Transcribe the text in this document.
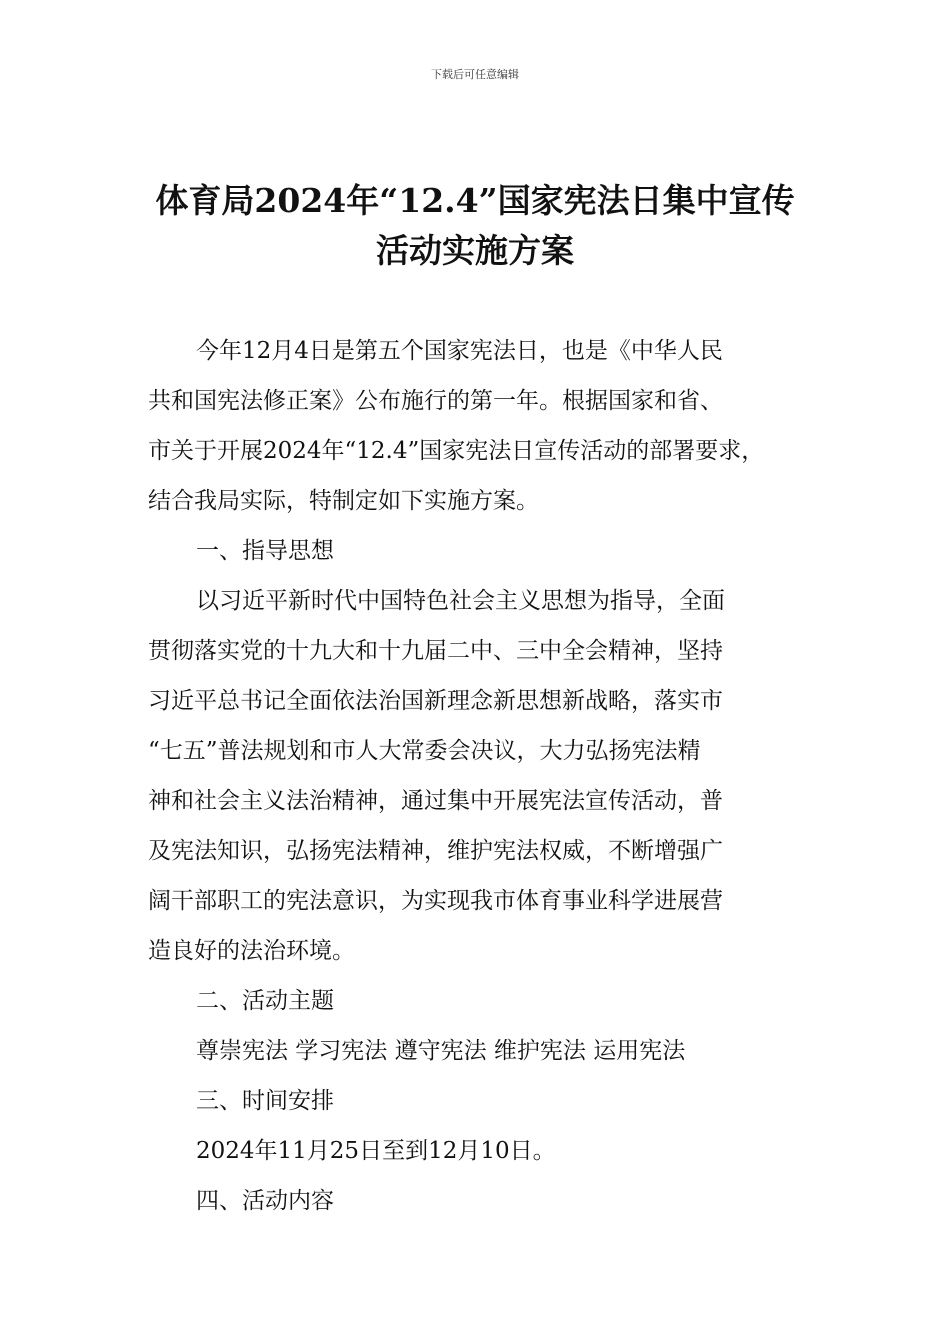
下载后可任意编辑
体育局2024年“12.4”国家宪法日集中宣传
活动实施方案
今年12月4日是第五个国家宪法日，也是《中华人民
共和国宪法修正案》公布施行的第一年。根据国家和省、
市关于开展2024年“12.4”国家宪法日宣传活动的部署要求，
结合我局实际，特制定如下实施方案。
一、指导思想
以习近平新时代中国特色社会主义思想为指导，全面
贯彻落实党的十九大和十九届二中、三中全会精神，坚持
习近平总书记全面依法治国新理念新思想新战略，落实市
“七五”普法规划和市人大常委会决议，大力弘扬宪法精
神和社会主义法治精神，通过集中开展宪法宣传活动，普
及宪法知识，弘扬宪法精神，维护宪法权威，不断增强广
阔干部职工的宪法意识，为实现我市体育事业科学进展营
造良好的法治环境。
二、活动主题
尊崇宪法 学习宪法 遵守宪法 维护宪法 运用宪法
三、时间安排
2024年11月25日至到12月10日。
四、活动内容
